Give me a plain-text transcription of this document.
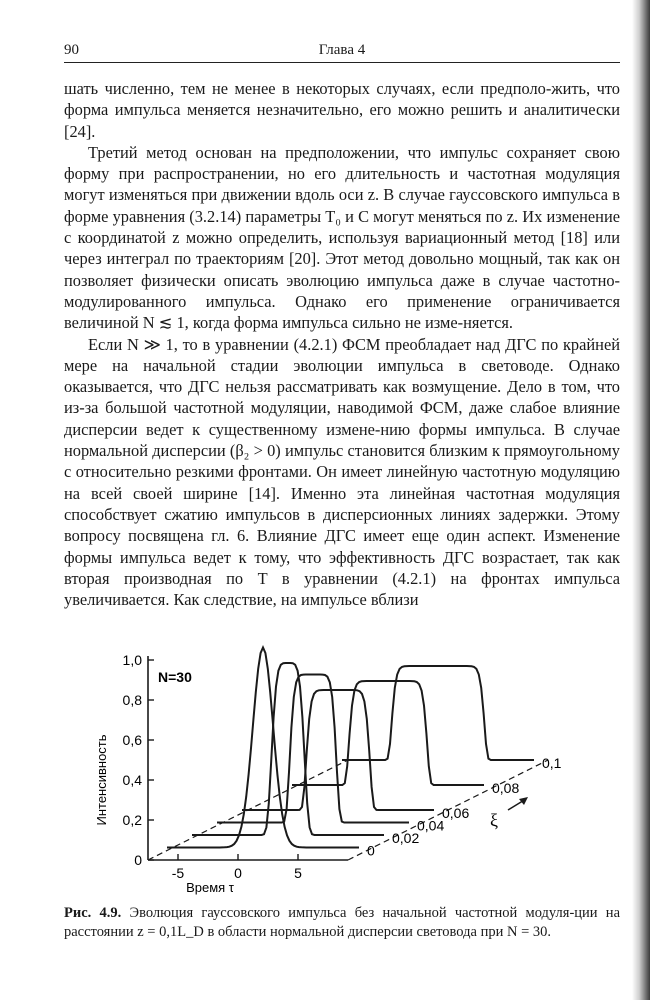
90	Глава 4

шать численно, тем не менее в некоторых случаях, если предполо-жить, что форма импульса меняется незначительно, его можно решить и аналитически [24].

Третий метод основан на предположении, что импульс сохраняет свою форму при распространении, но его длительность и частотная модуляция могут изменяться при движении вдоль оси z. В случае гауссовского импульса в форме уравнения (3.2.14) параметры T₀ и C могут меняться по z. Их изменение с координатой z можно определить, используя вариационный метод [18] или через интеграл по траекториям [20]. Этот метод довольно мощный, так как он позволяет физически описать эволюцию импульса даже в случае частотно-модулированного импульса. Однако его применение ограничивается величиной N ≲ 1, когда форма импульса сильно не изме-няется.

Если N ≫ 1, то в уравнении (4.2.1) ФСМ преобладает над ДГС по крайней мере на начальной стадии эволюции импульса в световоде. Однако оказывается, что ДГС нельзя рассматривать как возмущение. Дело в том, что из-за большой частотной модуляции, наводимой ФСМ, даже слабое влияние дисперсии ведет к существенному измене-нию формы импульса. В случае нормальной дисперсии (β₂ > 0) импульс становится близким к прямоугольному с относительно резкими фронтами. Он имеет линейную частотную модуляцию на всей своей ширине [14]. Именно эта линейная частотная модуляция способствует сжатию импульсов в дисперсионных линиях задержки. Этому вопросу посвящена гл. 6. Влияние ДГС имеет еще один аспект. Изменение формы импульса ведет к тому, что эффективность ДГС возрастает, так как вторая производная по T в уравнении (4.2.1) на фронтах импульса увеличивается. Как следствие, на импульсе вблизи

0
0,2
0,4
0,6
0,8
1,0
-5	0	5
0
0,02
0,04
0,06
0,08
0,1
Интенсивность
Время τ
N=30
ξ
Рис. 4.9. Эволюция гауссовского импульса без начальной частотной модуля-ции на расстоянии z = 0,1L_D в области нормальной дисперсии световода при N = 30.
